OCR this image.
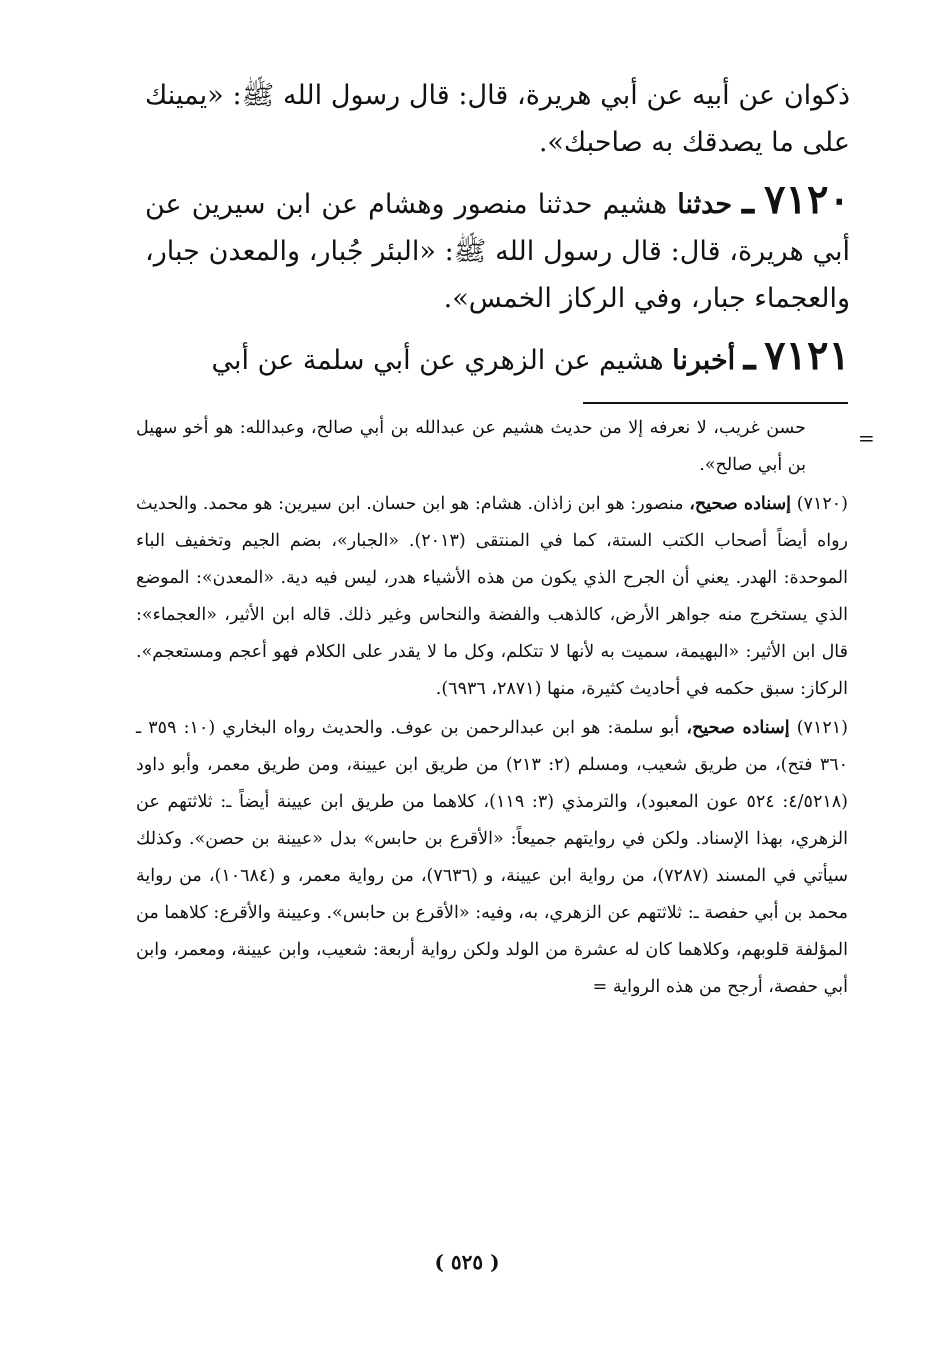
ذكوان عن أبيه عن أبي هريرة، قال: قال رسول الله ﷺ: «يمينك على ما يصدقك به صاحبك».

٧١٢٠ ـ حدثنا هشيم حدثنا منصور وهشام عن ابن سيرين عن أبي هريرة، قال: قال رسول الله ﷺ: «البئر جُبار، والمعدن جبار، والعجماء جبار، وفي الركاز الخمس».

٧١٢١ ـ أخبرنا هشيم عن الزهري عن أبي سلمة عن أبي

=

حسن غريب، لا نعرفه إلا من حديث هشيم عن عبدالله بن أبي صالح، وعبدالله: هو أخو سهيل بن أبي صالح».

(٧١٢٠) إسناده صحيح، منصور: هو ابن زاذان. هشام: هو ابن حسان. ابن سيرين: هو محمد. والحديث رواه أيضاً أصحاب الكتب الستة، كما في المنتقى (٢٠١٣). «الجبار»، بضم الجيم وتخفيف الباء الموحدة: الهدر. يعني أن الجرح الذي يكون من هذه الأشياء هدر، ليس فيه دية. «المعدن»: الموضع الذي يستخرج منه جواهر الأرض، كالذهب والفضة والنحاس وغير ذلك. قاله ابن الأثير، «العجماء»: قال ابن الأثير: «البهيمة، سميت به لأنها لا تتكلم، وكل ما لا يقدر على الكلام فهو أعجم ومستعجم». الركاز: سبق حكمه في أحاديث كثيرة، منها (٢٨٧١، ٦٩٣٦).

(٧١٢١) إسناده صحيح، أبو سلمة: هو ابن عبدالرحمن بن عوف. والحديث رواه البخاري (١٠: ٣٥٩ ـ ٣٦٠ فتح)، من طريق شعيب، ومسلم (٢: ٢١٣) من طريق ابن عيينة، ومن طريق معمر، وأبو داود (٤/٥٢١٨: ٥٢٤ عون المعبود)، والترمذي (٣: ١١٩)، كلاهما من طريق ابن عيينة أيضاً ـ: ثلاثتهم عن الزهري، بهذا الإسناد. ولكن في روايتهم جميعاً: «الأقرع بن حابس» بدل «عيينة بن حصن». وكذلك سيأتي في المسند (٧٢٨٧)، من رواية ابن عيينة، و (٧٦٣٦)، من رواية معمر، و (١٠٦٨٤)، من رواية محمد بن أبي حفصة ـ: ثلاثتهم عن الزهري، به، وفيه: «الأقرع بن حابس». وعيينة والأقرع: كلاهما من المؤلفة قلوبهم، وكلاهما كان له عشرة من الولد ولكن رواية أربعة: شعيب، وابن عيينة، ومعمر، وابن أبي حفصة، أرجح من هذه الرواية =

( ٥٢٥ )
